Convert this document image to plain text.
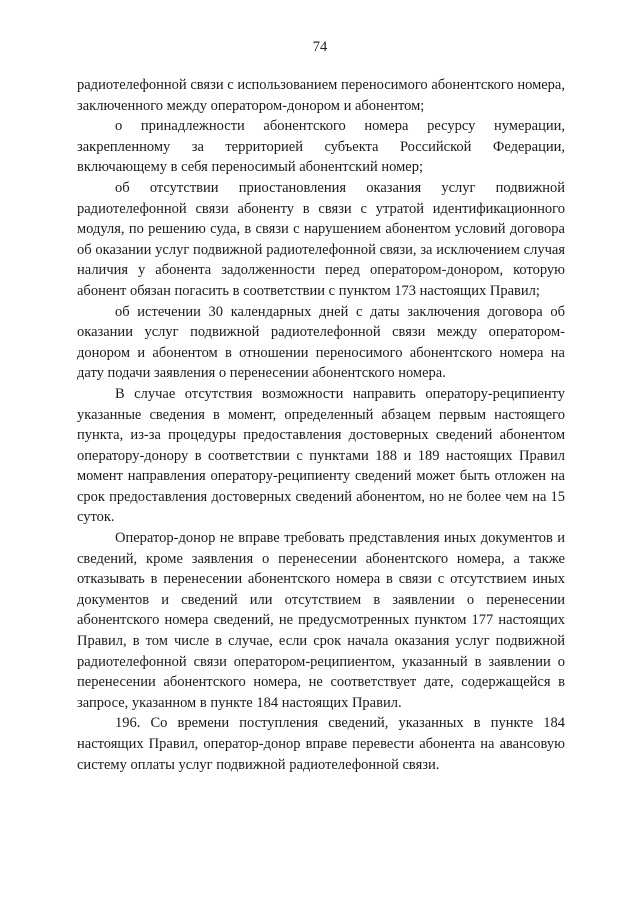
74

радиотелефонной связи с использованием переносимого абонентского номера, заключенного между оператором-донором и абонентом;

о принадлежности абонентского номера ресурсу нумерации, закрепленному за территорией субъекта Российской Федерации, включающему в себя переносимый абонентский номер;

об отсутствии приостановления оказания услуг подвижной радиотелефонной связи абоненту в связи с утратой идентификационного модуля, по решению суда, в связи с нарушением абонентом условий договора об оказании услуг подвижной радиотелефонной связи, за исключением случая наличия у абонента задолженности перед оператором-донором, которую абонент обязан погасить в соответствии с пунктом 173 настоящих Правил;

об истечении 30 календарных дней с даты заключения договора об оказании услуг подвижной радиотелефонной связи между оператором-донором и абонентом в отношении переносимого абонентского номера на дату подачи заявления о перенесении абонентского номера.

В случае отсутствия возможности направить оператору-реципиенту указанные сведения в момент, определенный абзацем первым настоящего пункта, из-за процедуры предоставления достоверных сведений абонентом оператору-донору в соответствии с пунктами 188 и 189 настоящих Правил момент направления оператору-реципиенту сведений может быть отложен на срок предоставления достоверных сведений абонентом, но не более чем на 15 суток.

Оператор-донор не вправе требовать представления иных документов и сведений, кроме заявления о перенесении абонентского номера, а также отказывать в перенесении абонентского номера в связи с отсутствием иных документов и сведений или отсутствием в заявлении о перенесении абонентского номера сведений, не предусмотренных пунктом 177 настоящих Правил, в том числе в случае, если срок начала оказания услуг подвижной радиотелефонной связи оператором-реципиентом, указанный в заявлении о перенесении абонентского номера, не соответствует дате, содержащейся в запросе, указанном в пункте 184 настоящих Правил.

196. Со времени поступления сведений, указанных в пункте 184 настоящих Правил, оператор-донор вправе перевести абонента на авансовую систему оплаты услуг подвижной радиотелефонной связи.
